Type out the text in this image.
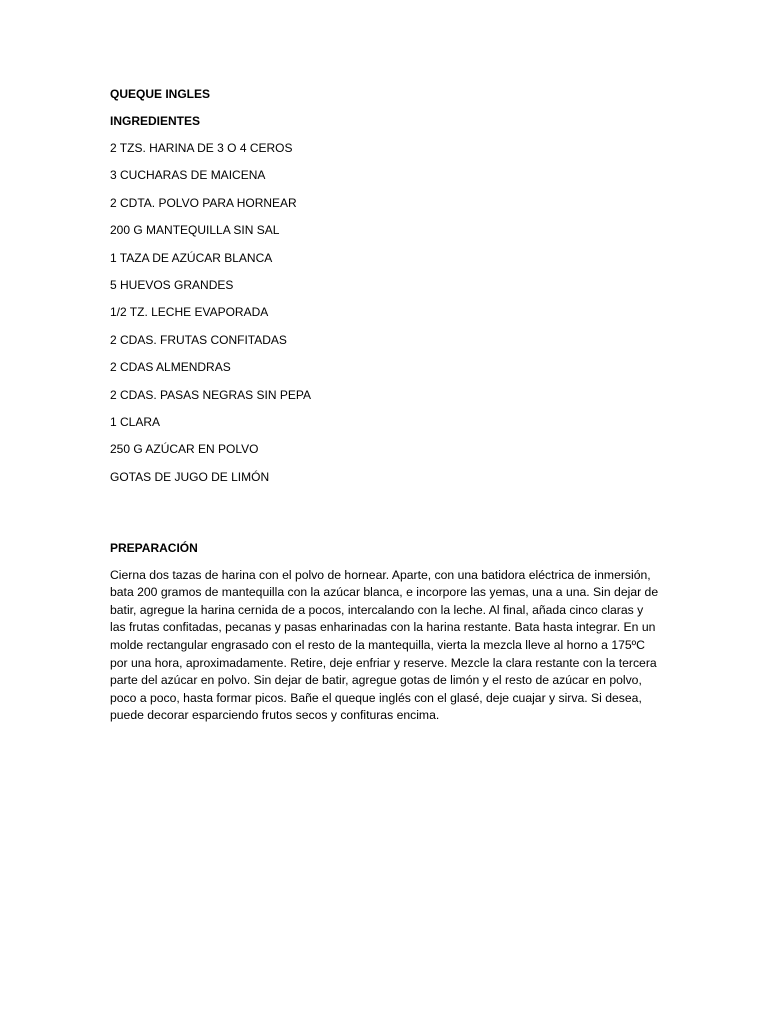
QUEQUE INGLES
INGREDIENTES
2 TZS. HARINA DE 3 O 4 CEROS
3 CUCHARAS DE MAICENA
2 CDTA. POLVO PARA HORNEAR
200 G MANTEQUILLA SIN SAL
1 TAZA DE AZÚCAR BLANCA
5 HUEVOS GRANDES
1/2 TZ. LECHE EVAPORADA
2 CDAS. FRUTAS CONFITADAS
2 CDAS ALMENDRAS
2 CDAS. PASAS NEGRAS SIN PEPA
1 CLARA
250 G AZÚCAR EN POLVO
GOTAS DE JUGO DE LIMÓN
PREPARACIÓN

Cierna dos tazas de harina con el polvo de hornear. Aparte, con una batidora eléctrica de inmersión, bata 200 gramos de mantequilla con la azúcar blanca, e incorpore las yemas, una a una. Sin dejar de batir, agregue la harina cernida de a pocos, intercalando con la leche. Al final, añada cinco claras y las frutas confitadas, pecanas y pasas enharinadas con la harina restante. Bata hasta integrar. En un molde rectangular engrasado con el resto de la mantequilla, vierta la mezcla lleve al horno a 175ºC por una hora, aproximadamente. Retire, deje enfriar y reserve. Mezcle la clara restante con la tercera parte del azúcar en polvo. Sin dejar de batir, agregue gotas de limón y el resto de azúcar en polvo, poco a poco, hasta formar picos. Bañe el queque inglés con el glasé, deje cuajar y sirva. Si desea, puede decorar esparciendo frutos secos y confituras encima.
